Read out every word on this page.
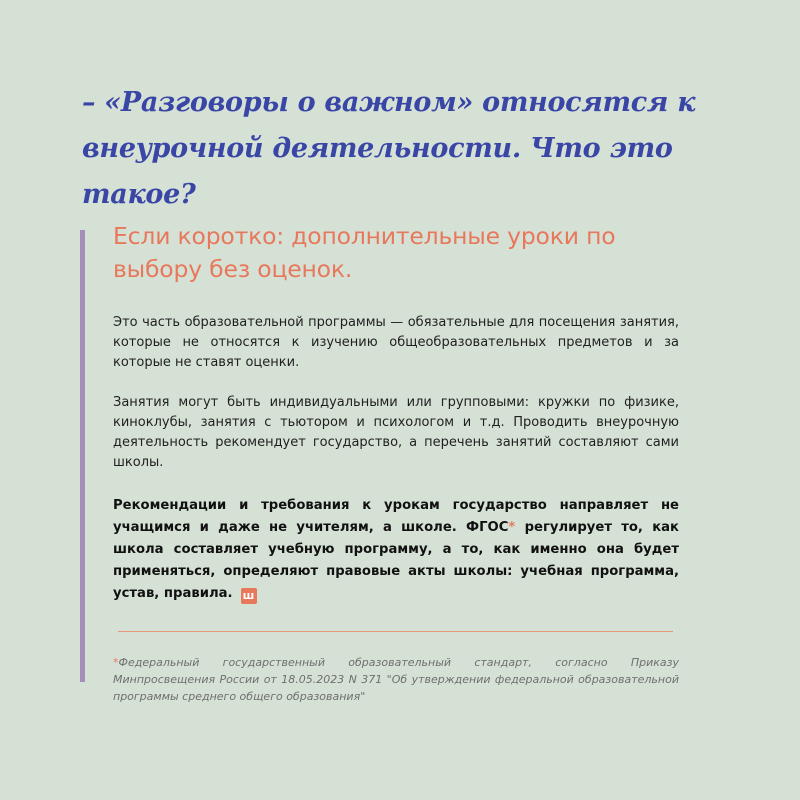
– «Разговоры о важном» относятся к внеурочной деятельности. Что это такое?

Если коротко: дополнительные уроки по выбору без оценок.

Это часть образовательной программы — обязательные для посещения занятия, которые не относятся к изучению общеобразовательных предметов и за которые не ставят оценки.

Занятия могут быть индивидуальными или групповыми: кружки по физике, киноклубы, занятия с тьютором и психологом и т.д. Проводить внеурочную деятельность рекомендует государство, а перечень занятий составляют сами школы.

Рекомендации и требования к урокам государство направляет не учащимся и даже не учителям, а школе. ФГОС* регулирует то, как школа составляет учебную программу, а то, как именно она будет применяться, определяют правовые акты школы: учебная программа, устав, правила. ш

*Федеральный государственный образовательный стандарт, согласно Приказу Минпросвещения России от 18.05.2023 N 371 "Об утверждении федеральной образовательной программы среднего общего образования"
